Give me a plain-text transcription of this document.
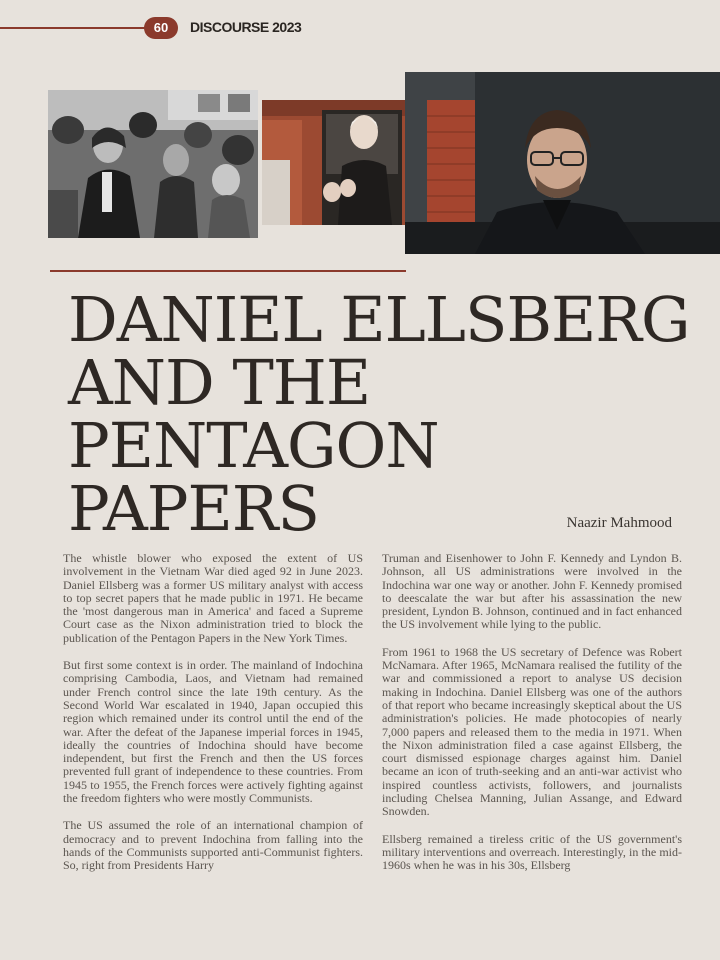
60	DISCOURSE 2023
DANIEL ELLSBERG
AND THE
PENTAGON
PAPERS	Naazir Mahmood

The whistle blower who exposed the extent of US involvement in the Vietnam War died aged 92 in June 2023. Daniel Ellsberg was a former US military analyst with access to top secret papers that he made public in 1971. He became the 'most dangerous man in America' and faced a Supreme Court case as the Nixon administration tried to block the publication of the Pentagon Papers in the New York Times.

But first some context is in order. The mainland of Indochina comprising Cambodia, Laos, and Vietnam had remained under French control since the late 19th century. As the Second World War escalated in 1940, Japan occupied this region which remained under its control until the end of the war. After the defeat of the Japanese imperial forces in 1945, ideally the countries of Indochina should have become independent, but first the French and then the US forces prevented full grant of independence to these countries. From 1945 to 1955, the French forces were actively fighting against the freedom fighters who were mostly Communists.

The US assumed the role of an international champion of democracy and to prevent Indochina from falling into the hands of the Communists supported anti-Communist fighters. So, right from Presidents Harry

Truman and Eisenhower to John F. Kennedy and Lyndon B. Johnson, all US administrations were involved in the Indochina war one way or another. John F. Kennedy promised to deescalate the war but after his assassination the new president, Lyndon B. Johnson, continued and in fact enhanced the US involvement while lying to the public.

From 1961 to 1968 the US secretary of Defence was Robert McNamara. After 1965, McNamara realised the futility of the war and commissioned a report to analyse US decision making in Indochina. Daniel Ellsberg was one of the authors of that report who became increasingly skeptical about the US administration's policies. He made photocopies of nearly 7,000 papers and released them to the media in 1971. When the Nixon administration filed a case against Ellsberg, the court dismissed espionage charges against him. Daniel became an icon of truth-seeking and an anti-war activist who inspired countless activists, followers, and journalists including Chelsea Manning, Julian Assange, and Edward Snowden.

Ellsberg remained a tireless critic of the US government's military interventions and overreach. Interestingly, in the mid-1960s when he was in his 30s, Ellsberg
